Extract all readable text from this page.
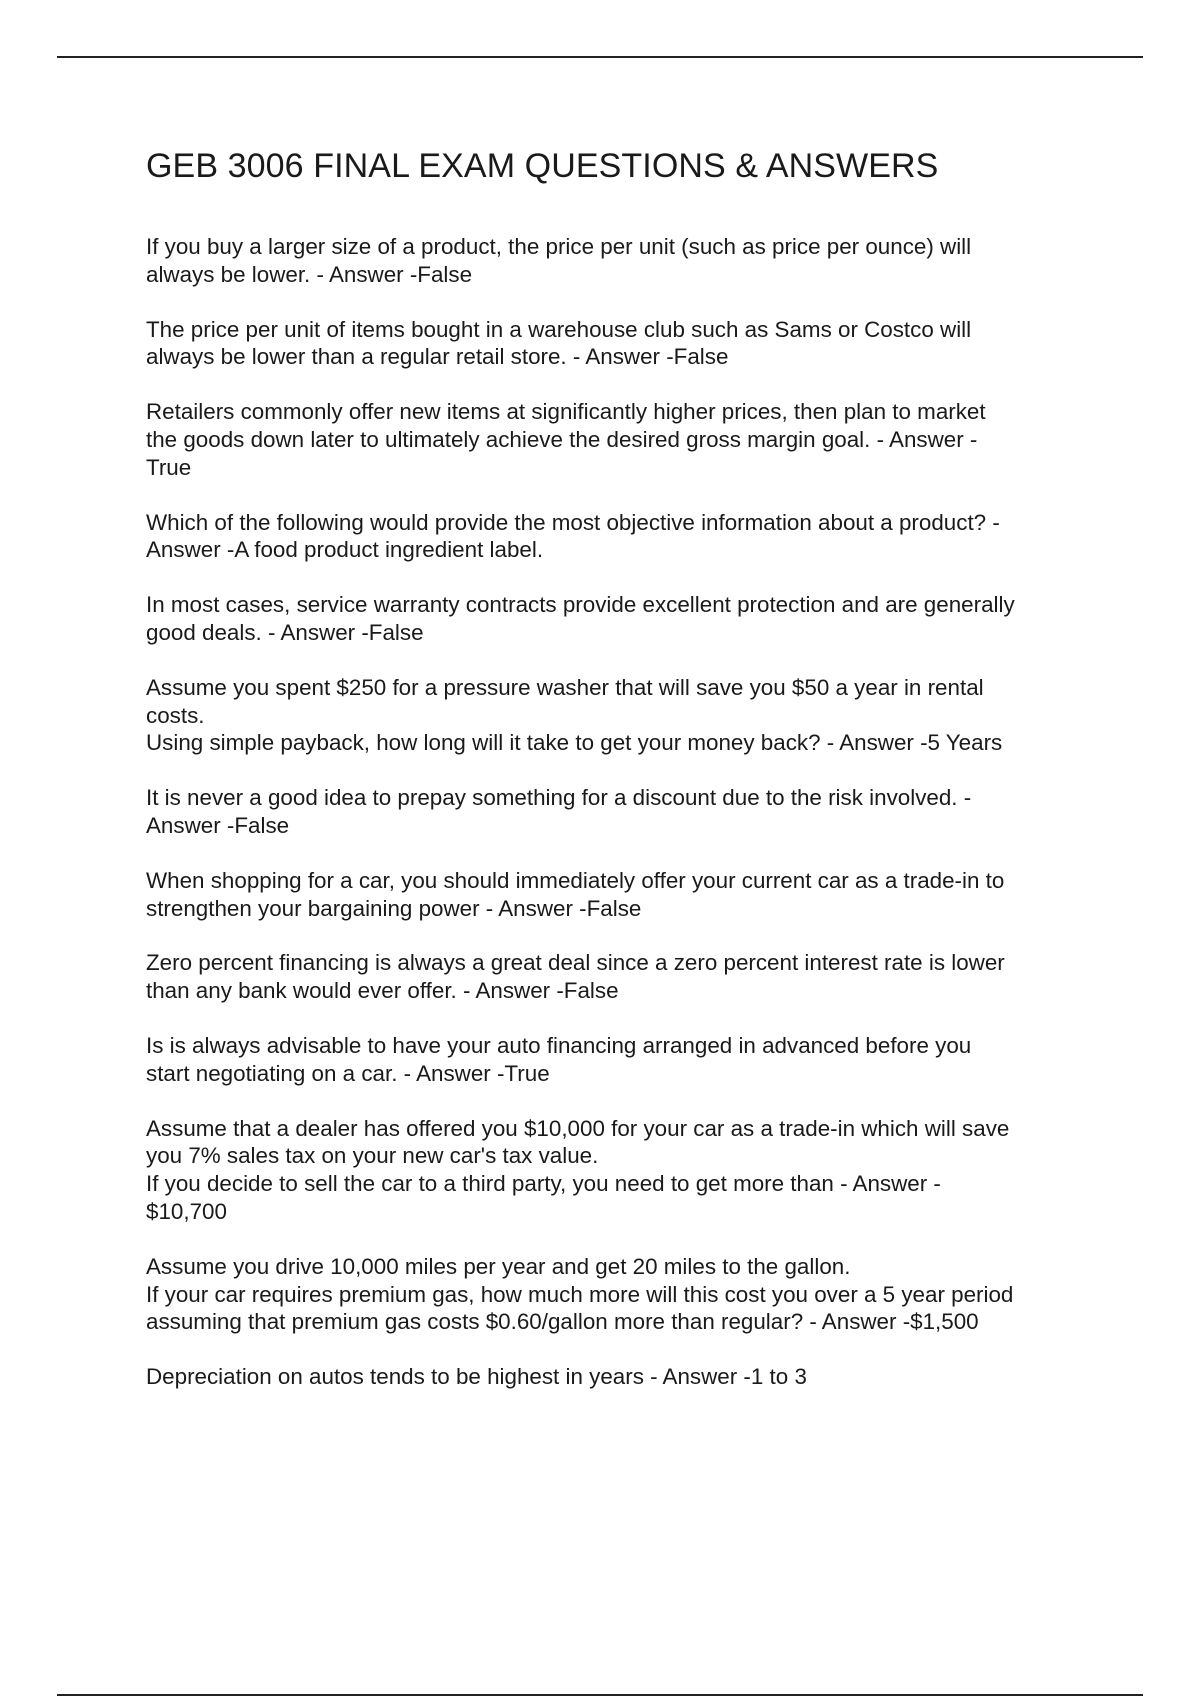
GEB 3006 FINAL EXAM QUESTIONS & ANSWERS
If you buy a larger size of a product, the price per unit (such as price per ounce) will
always be lower. - Answer -False
The price per unit of items bought in a warehouse club such as Sams or Costco will
always be lower than a regular retail store. - Answer -False
Retailers commonly offer new items at significantly higher prices, then plan to market
the goods down later to ultimately achieve the desired gross margin goal. - Answer -
True
Which of the following would provide the most objective information about a product? -
Answer -A food product ingredient label.
In most cases, service warranty contracts provide excellent protection and are generally
good deals. - Answer -False
Assume you spent $250 for a pressure washer that will save you $50 a year in rental
costs.
Using simple payback, how long will it take to get your money back? - Answer -5 Years
It is never a good idea to prepay something for a discount due to the risk involved. -
Answer -False
When shopping for a car, you should immediately offer your current car as a trade-in to
strengthen your bargaining power - Answer -False
Zero percent financing is always a great deal since a zero percent interest rate is lower
than any bank would ever offer. - Answer -False
Is is always advisable to have your auto financing arranged in advanced before you
start negotiating on a car. - Answer -True
Assume that a dealer has offered you $10,000 for your car as a trade-in which will save
you 7% sales tax on your new car's tax value.
If you decide to sell the car to a third party, you need to get more than - Answer -
$10,700
Assume you drive 10,000 miles per year and get 20 miles to the gallon.
If your car requires premium gas, how much more will this cost you over a 5 year period
assuming that premium gas costs $0.60/gallon more than regular? - Answer -$1,500
Depreciation on autos tends to be highest in years - Answer -1 to 3
